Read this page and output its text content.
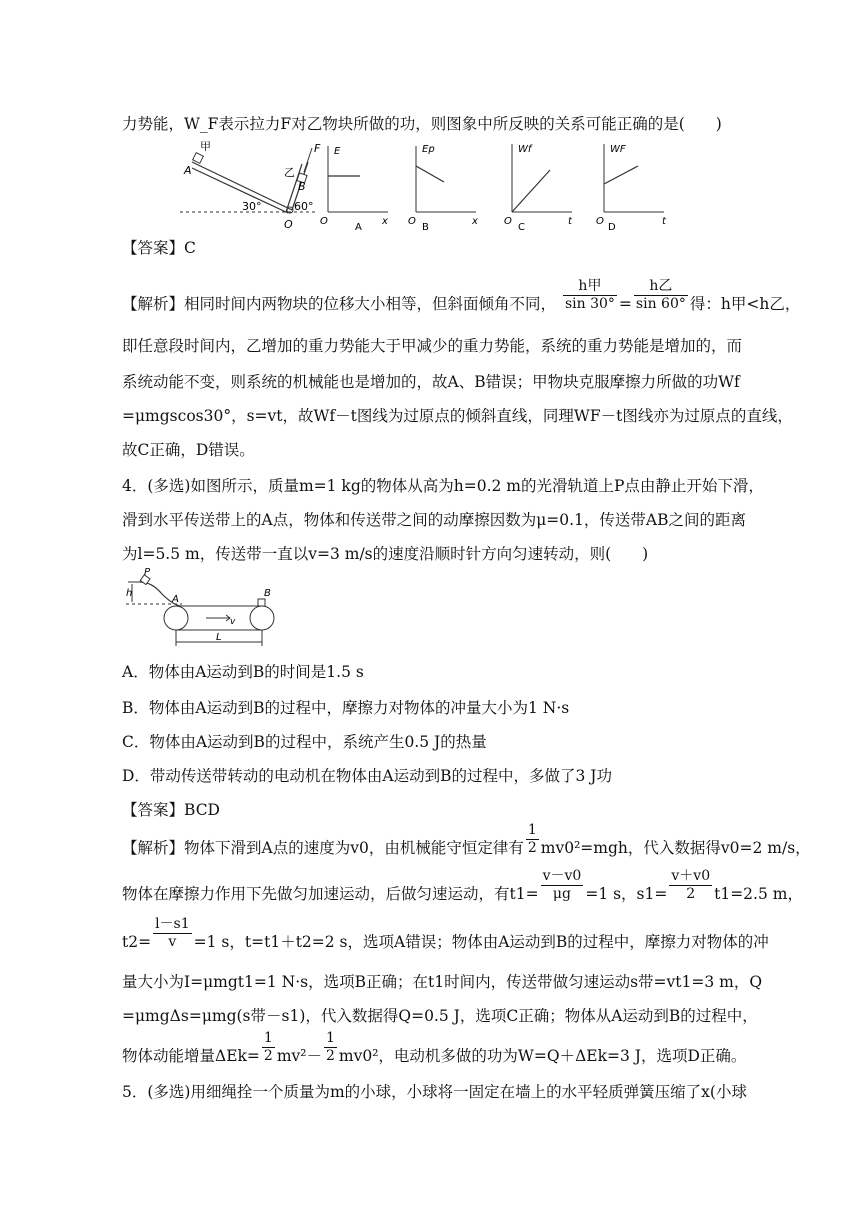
力势能，W_F表示拉力F对乙物块所做的功，则图象中所反映的关系可能正确的是(　　)
甲
A	乙
B
F
30°	60°
O
E
x
O
A
Ep
x
O
B
Wf
t
O
C
WF
t
O
D
【答案】C
【解析】相同时间内两物块的位移大小相等，但斜面倾角不同， $\frac{\text{h甲}}{\sin 30^\circ} = \frac{\text{h乙}}{\sin 60^\circ}$ 得：h甲<h乙，
即任意段时间内，乙增加的重力势能大于甲减少的重力势能，系统的重力势能是增加的，而
系统动能不变，则系统的机械能也是增加的，故A、B错误；甲物块克服摩擦力所做的功Wf
=μmgscos30°，s=vt，故Wf－t图线为过原点的倾斜直线，同理WF－t图线亦为过原点的直线，
故C正确，D错误。
4．(多选)如图所示，质量m=1 kg的物体从高为h=0.2 m的光滑轨道上P点由静止开始下滑，
滑到水平传送带上的A点，物体和传送带之间的动摩擦因数为μ=0.1，传送带AB之间的距离
为l=5.5 m，传送带一直以v=3 m/s的速度沿顺时针方向匀速转动，则(　　)
h
P
A
B
v
L
A．物体由A运动到B的时间是1.5 s
B．物体由A运动到B的过程中，摩擦力对物体的冲量大小为1 N·s
C．物体由A运动到B的过程中，系统产生0.5 J的热量
D．带动传送带转动的电动机在物体由A运动到B的过程中，多做了3 J功
【答案】BCD
【解析】物体下滑到A点的速度为v0，由机械能守恒定律有 $\frac{1}{2} mv0^2=mgh$，代入数据得v0=2 m/s，
物体在摩擦力作用下先做匀加速运动，后做匀速运动，有$t1= \frac{v-v0}{\mu g} =1$ s，$s1= \frac{v+v0}{2} t1=2.5$ m，
$t2= \frac{l-s1}{v} =1$ s，t=t1＋t2=2 s，选项A错误；物体由A运动到B的过程中，摩擦力对物体的冲
量大小为I=μmgt1=1 N·s，选项B正确；在t1时间内，传送带做匀速运动s带=vt1=3 m，Q
=μmgΔs=μmg(s带－s1)，代入数据得Q=0.5 J，选项C正确；物体从A运动到B的过程中，
物体动能增量$\Delta Ek= \frac{1}{2} mv^2- \frac{1}{2} mv0^2$，电动机多做的功为W=Q＋ΔEk=3 J，选项D正确。
5．(多选)用细绳拴一个质量为m的小球，小球将一固定在墙上的水平轻质弹簧压缩了x(小球
